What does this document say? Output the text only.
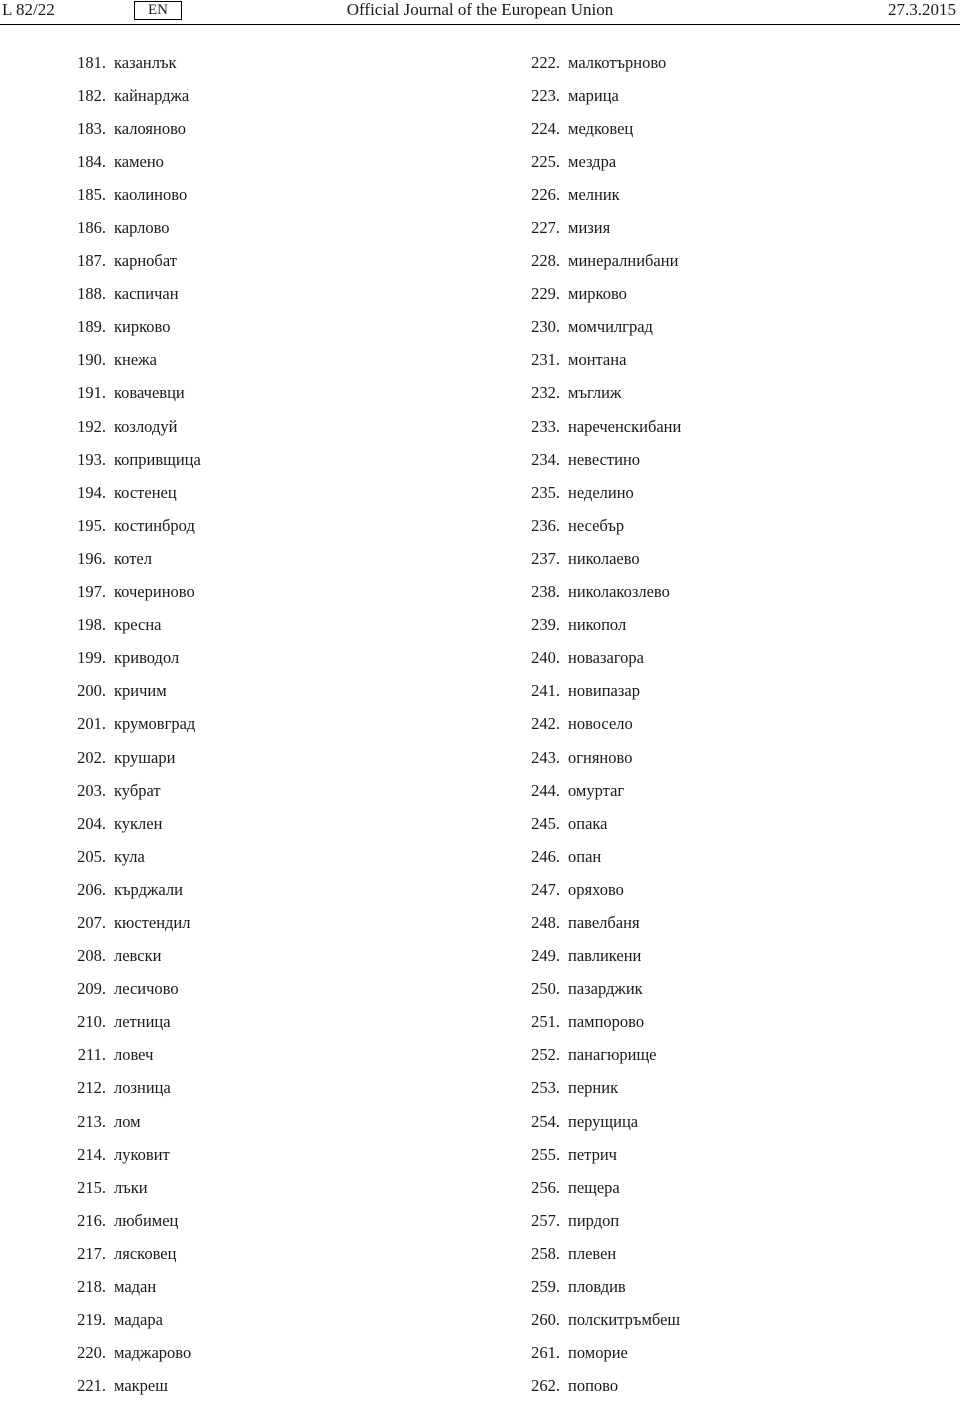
Official Journal of the European Union
L 82/22	EN	27.3.2015
181. казанлък
182. кайнарджа
183. калояново
184. камено
185. каолиново
186. карлово
187. карнобат
188. каспичан
189. кирково
190. кнежа
191. ковачевци
192. козлодуй
193. копривщица
194. костенец
195. костинброд
196. котел
197. кочериново
198. кресна
199. криводол
200. кричим
201. крумовград
202. крушари
203. кубрат
204. куклен
205. кула
206. кърджали
207. кюстендил
208. левски
209. лесичово
210. летница
211. ловеч
212. лозница
213. лом
214. луковит
215. лъки
216. любимец
217. лясковец
218. мадан
219. мадара
220. маджарово
221. макреш
222. малкотърново
223. марица
224. медковец
225. мездра
226. мелник
227. мизия
228. минералнибани
229. мирково
230. момчилград
231. монтана
232. мъглиж
233. нареченскибани
234. невестино
235. неделино
236. несебър
237. николаево
238. николакозлево
239. никопол
240. новазагора
241. новипазар
242. новосело
243. огняново
244. омуртаг
245. опака
246. опан
247. оряхово
248. павелбаня
249. павликени
250. пазарджик
251. пампорово
252. панагюрище
253. перник
254. перущица
255. петрич
256. пещера
257. пирдоп
258. плевен
259. пловдив
260. полскитръмбеш
261. поморие
262. попово
